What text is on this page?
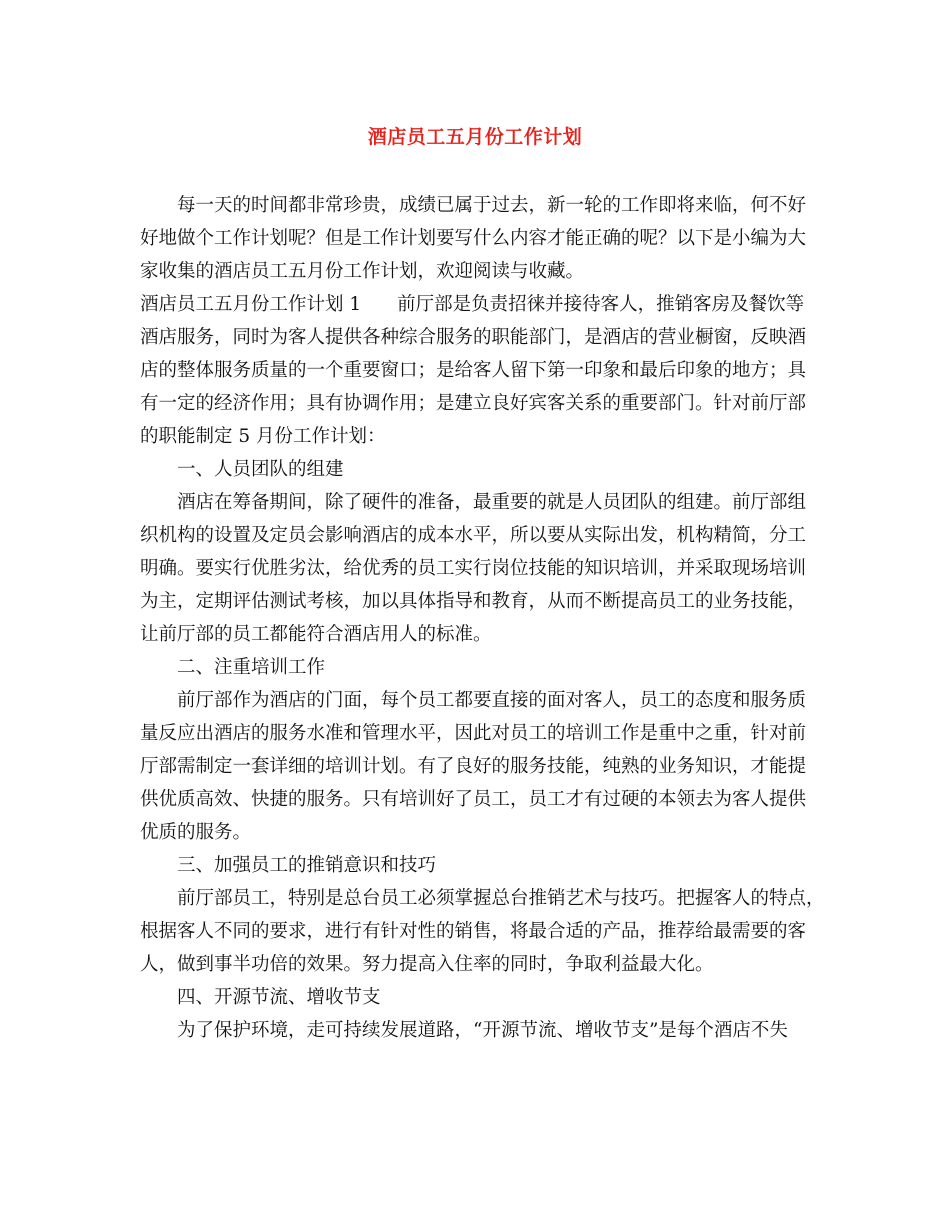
酒店员工五月份工作计划
每一天的时间都非常珍贵，成绩已属于过去，新一轮的工作即将来临，何不好
好地做个工作计划呢？但是工作计划要写什么内容才能正确的呢？以下是小编为大
家收集的酒店员工五月份工作计划，欢迎阅读与收藏。
酒店员工五月份工作计划 1 前厅部是负责招徕并接待客人，推销客房及餐饮等
酒店服务，同时为客人提供各种综合服务的职能部门，是酒店的营业橱窗，反映酒
店的整体服务质量的一个重要窗口；是给客人留下第一印象和最后印象的地方；具
有一定的经济作用；具有协调作用；是建立良好宾客关系的重要部门。针对前厅部
的职能制定 5 月份工作计划：
一、人员团队的组建
酒店在筹备期间，除了硬件的准备，最重要的就是人员团队的组建。前厅部组
织机构的设置及定员会影响酒店的成本水平，所以要从实际出发，机构精简，分工
明确。要实行优胜劣汰，给优秀的员工实行岗位技能的知识培训，并采取现场培训
为主，定期评估测试考核，加以具体指导和教育，从而不断提高员工的业务技能，
让前厅部的员工都能符合酒店用人的标准。
二、注重培训工作
前厅部作为酒店的门面，每个员工都要直接的面对客人，员工的态度和服务质
量反应出酒店的服务水准和管理水平，因此对员工的培训工作是重中之重，针对前
厅部需制定一套详细的培训计划。有了良好的服务技能，纯熟的业务知识，才能提
供优质高效、快捷的服务。只有培训好了员工，员工才有过硬的本领去为客人提供
优质的服务。
三、加强员工的推销意识和技巧
前厅部员工，特别是总台员工必须掌握总台推销艺术与技巧。把握客人的特点，
根据客人不同的要求，进行有针对性的销售，将最合适的产品，推荐给最需要的客
人，做到事半功倍的效果。努力提高入住率的同时，争取利益最大化。
四、开源节流、增收节支
为了保护环境，走可持续发展道路，“开源节流、增收节支”是每个酒店不失
